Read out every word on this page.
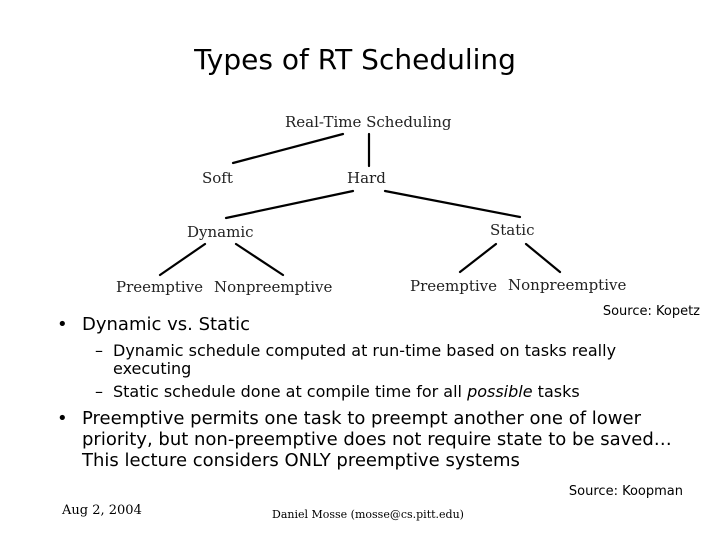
Types of RT Scheduling
Real-Time Scheduling
Soft	Hard
Dynamic	Static
Preemptive Nonpreemptive	Preemptive Nonpreemptive
Source: Kopetz
• Dynamic vs. Static
– Dynamic schedule computed at run-time based on tasks really executing
– Static schedule done at compile time for all possible tasks
• Preemptive permits one task to preempt another one of lower priority, but non-preemptive does not require state to be saved… This lecture considers ONLY preemptive systems
Source: Koopman
Aug 2, 2004	Daniel Mosse (mosse@cs.pitt.edu)
